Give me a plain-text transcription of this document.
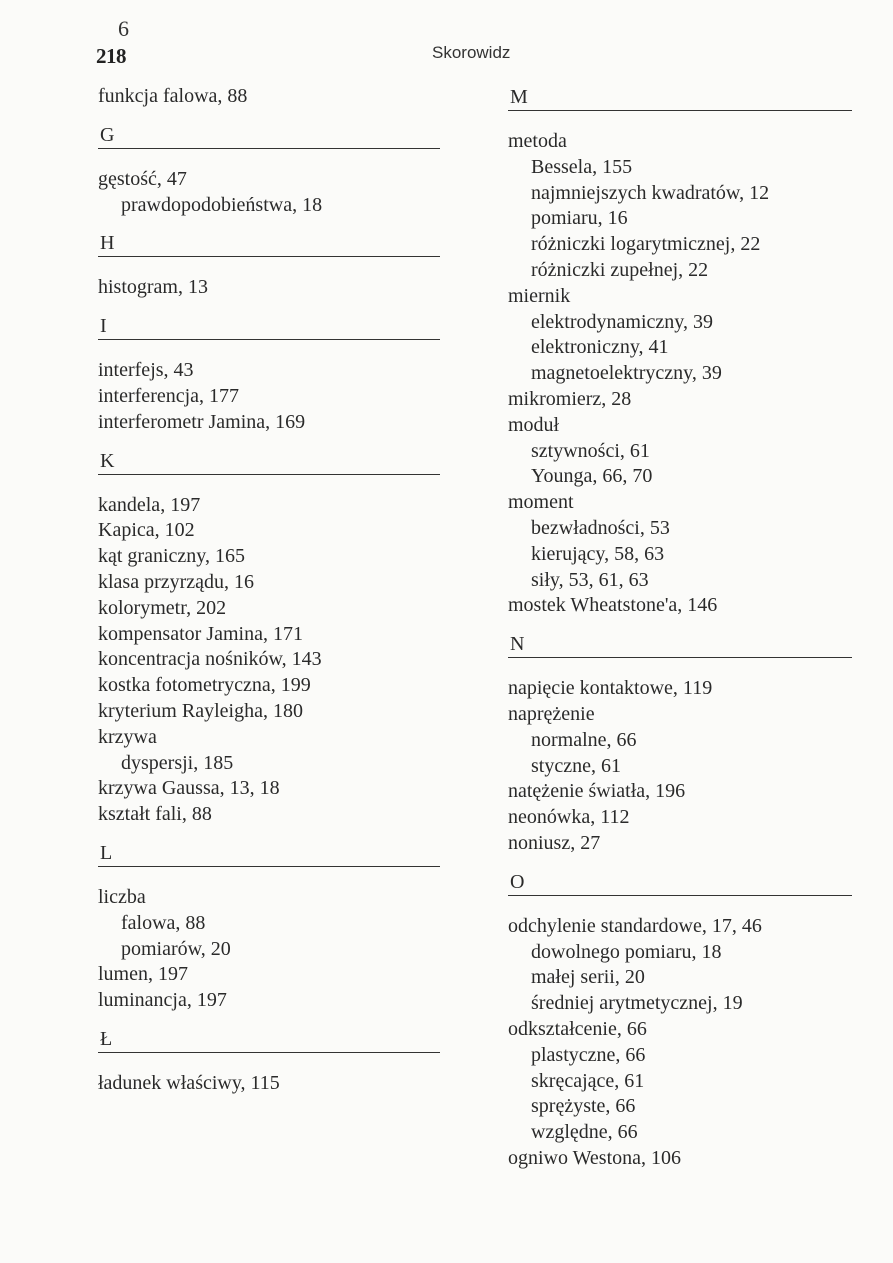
6
218	Skorowidz
funkcja falowa, 88
G
gęstość, 47
prawdopodobieństwa, 18
H
histogram, 13
I
interfejs, 43
interferencja, 177
interferometr Jamina, 169
K
kandela, 197
Kapica, 102
kąt graniczny, 165
klasa przyrządu, 16
kolorymetr, 202
kompensator Jamina, 171
koncentracja nośników, 143
kostka fotometryczna, 199
kryterium Rayleigha, 180
krzywa
dyspersji, 185
krzywa Gaussa, 13, 18
kształt fali, 88
L
liczba
falowa, 88
pomiarów, 20
lumen, 197
luminancja, 197
Ł
ładunek właściwy, 115
M
metoda
Bessela, 155
najmniejszych kwadratów, 12
pomiaru, 16
różniczki logarytmicznej, 22
różniczki zupełnej, 22
miernik
elektrodynamiczny, 39
elektroniczny, 41
magnetoelektryczny, 39
mikromierz, 28
moduł
sztywności, 61
Younga, 66, 70
moment
bezwładności, 53
kierujący, 58, 63
siły, 53, 61, 63
mostek Wheatstone'a, 146
N
napięcie kontaktowe, 119
naprężenie
normalne, 66
styczne, 61
natężenie światła, 196
neonówka, 112
noniusz, 27
O
odchylenie standardowe, 17, 46
dowolnego pomiaru, 18
małej serii, 20
średniej arytmetycznej, 19
odkształcenie, 66
plastyczne, 66
skręcające, 61
sprężyste, 66
względne, 66
ogniwo Westona, 106
